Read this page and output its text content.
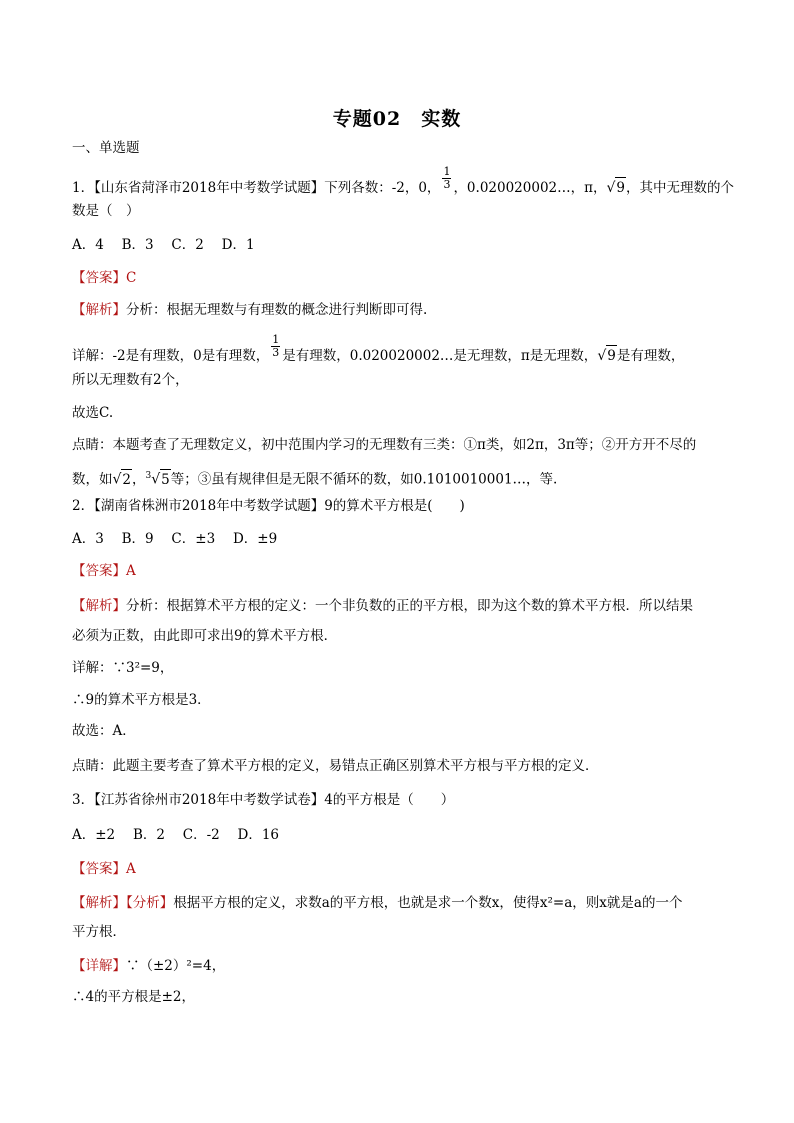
专题02　实数
一、单选题
1．【山东省菏泽市2018年中考数学试题】下列各数：-2，0， $\frac{1}{3}$ ，0.020020002…，π，√9，其中无理数的个
数是（　）
A．4　 B．3　 C．2　 D．1
【答案】C
【解析】分析：根据无理数与有理数的概念进行判断即可得.
详解：-2是有理数，0是有理数， $\frac{1}{3}$ 是有理数，0.020020002…是无理数，π是无理数，√9是有理数，
所以无理数有2个，
故选C.
点睛：本题考查了无理数定义，初中范围内学习的无理数有三类：①π类，如2π，3π等；②开方开不尽的
数，如√2，$^3$√5等；③虽有规律但是无限不循环的数，如0.1010010001…，等.
2．【湖南省株洲市2018年中考数学试题】9的算术平方根是(　　)
A．3　 B．9　 C．±3　 D．±9
【答案】A
【解析】分析：根据算术平方根的定义：一个非负数的正的平方根，即为这个数的算术平方根．所以结果
必须为正数，由此即可求出9的算术平方根．
详解：∵3²=9，
∴9的算术平方根是3．
故选：A．
点睛：此题主要考查了算术平方根的定义，易错点正确区别算术平方根与平方根的定义．
3．【江苏省徐州市2018年中考数学试卷】4的平方根是（　　）
A．±2　 B．2　 C．-2　 D．16
【答案】A
【解析】【分析】根据平方根的定义，求数a的平方根，也就是求一个数x，使得x²=a，则x就是a的一个
平方根．
【详解】∵（±2）²=4，
∴4的平方根是±2，
